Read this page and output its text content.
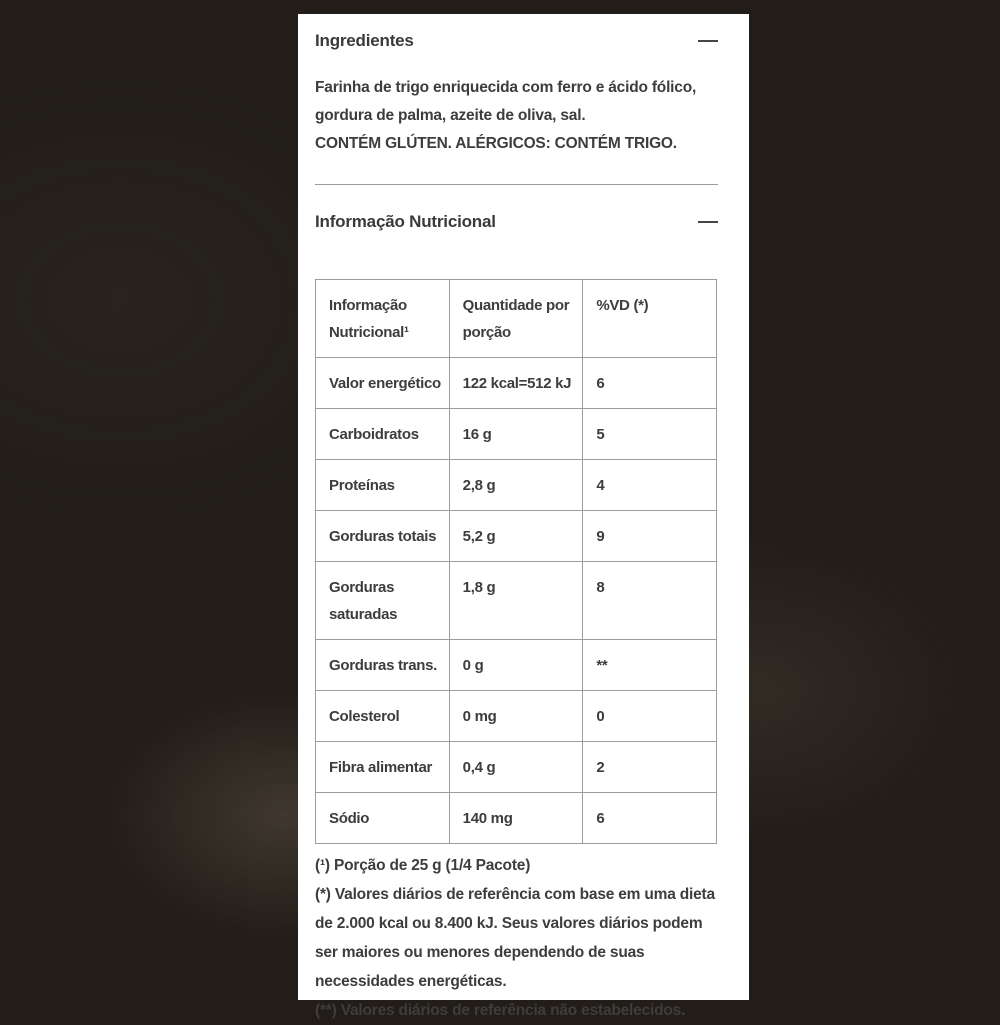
Ingredientes
Farinha de trigo enriquecida com ferro e ácido fólico, gordura de palma, azeite de oliva, sal.
CONTÉM GLÚTEN. ALÉRGICOS: CONTÉM TRIGO.
Informação Nutricional
Informação Nutricional¹	Quantidade por porção	%VD (*)
Valor energético	122 kcal=512 kJ	6
Carboidratos	16 g	5
Proteínas	2,8 g	4
Gorduras totais	5,2 g	9
Gorduras saturadas	1,8 g	8
Gorduras trans.	0 g	**
Colesterol	0 mg	0
Fibra alimentar	0,4 g	2
Sódio	140 mg	6
(¹) Porção de 25 g (1/4 Pacote)
(*) Valores diários de referência com base em uma dieta de 2.000 kcal ou 8.400 kJ. Seus valores diários podem ser maiores ou menores dependendo de suas necessidades energéticas.
(**) Valores diários de referência não estabelecidos.
